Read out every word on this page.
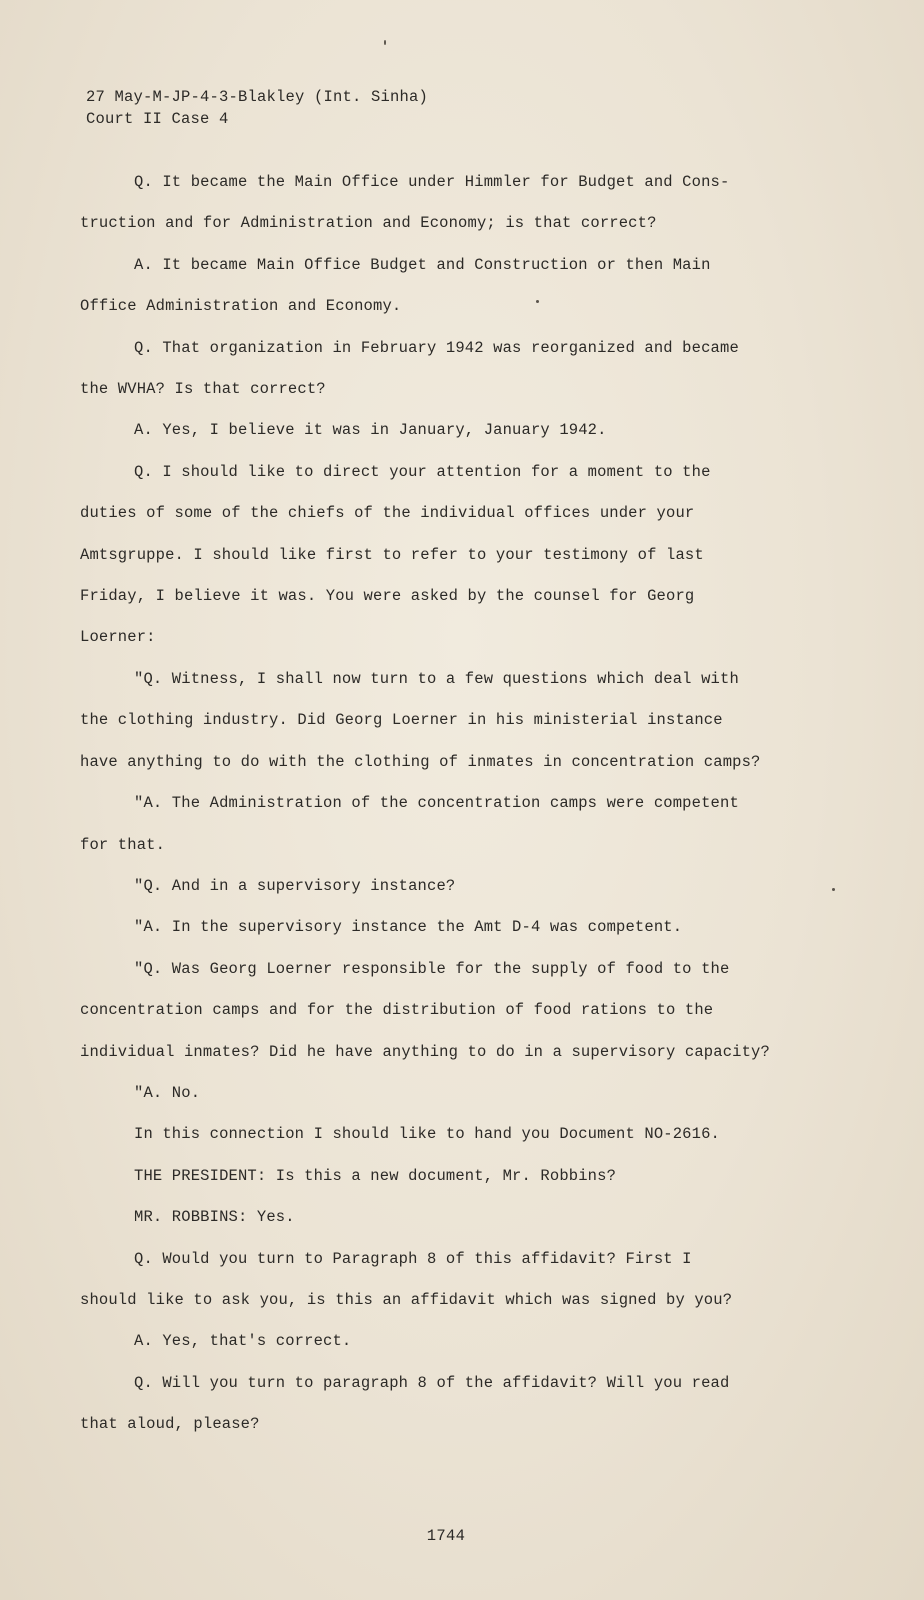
27 May-M-JP-4-3-Blakley (Int. Sinha)
Court II Case 4

Q. It became the Main Office under Himmler for Budget and Cons-

truction and for Administration and Economy; is that correct?

A. It became Main Office Budget and Construction or then Main

Office Administration and Economy.

Q. That organization in February 1942 was reorganized and became

the WVHA? Is that correct?

A. Yes, I believe it was in January, January 1942.

Q. I should like to direct your attention for a moment to the

duties of some of the chiefs of the individual offices under your

Amtsgruppe. I should like first to refer to your testimony of last

Friday, I believe it was. You were asked by the counsel for Georg

Loerner:

"Q. Witness, I shall now turn to a few questions which deal with

the clothing industry. Did Georg Loerner in his ministerial instance

have anything to do with the clothing of inmates in concentration camps?

"A. The Administration of the concentration camps were competent

for that.

"Q. And in a supervisory instance?

"A. In the supervisory instance the Amt D-4 was competent.

"Q. Was Georg Loerner responsible for the supply of food to the

concentration camps and for the distribution of food rations to the

individual inmates? Did he have anything to do in a supervisory capacity?

"A. No.

In this connection I should like to hand you Document NO-2616.

THE PRESIDENT: Is this a new document, Mr. Robbins?

MR. ROBBINS: Yes.

Q. Would you turn to Paragraph 8 of this affidavit? First I

should like to ask you, is this an affidavit which was signed by you?

A. Yes, that's correct.

Q. Will you turn to paragraph 8 of the affidavit? Will you read

that aloud, please?

1744
